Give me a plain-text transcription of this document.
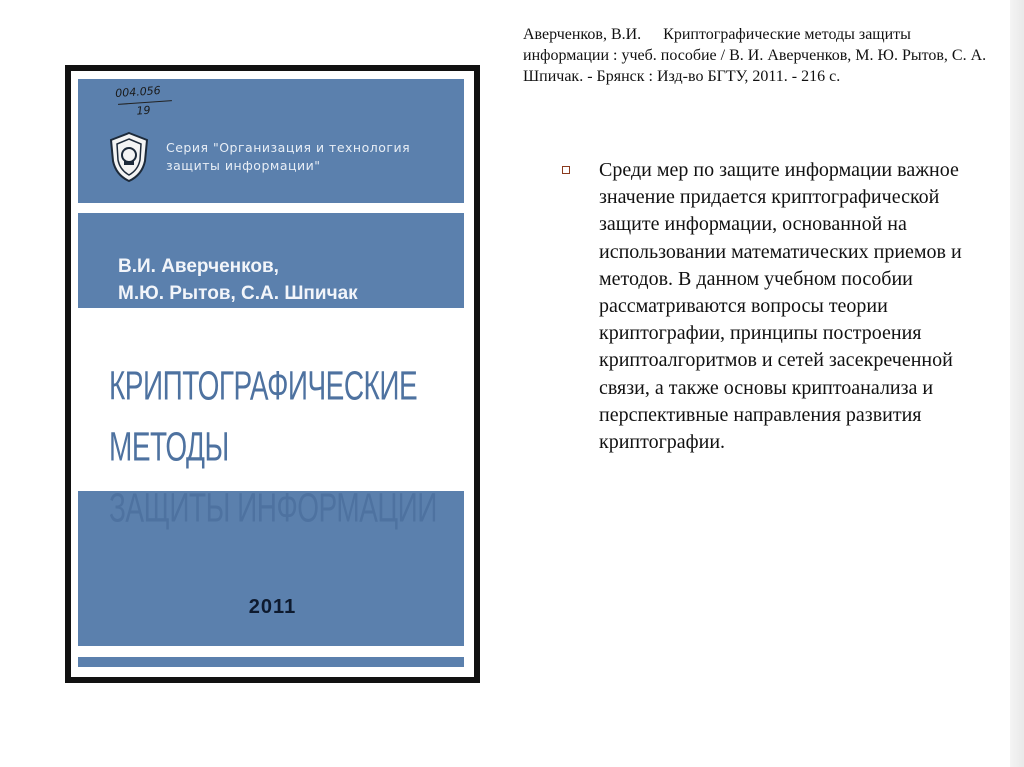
Аверченков, В.И. Криптографические методы защиты информации : учеб. пособие / В. И. Аверченков, М. Ю. Рытов, С. А. Шпичак. - Брянск : Изд-во БГТУ, 2011. - 216 с.
004.056
19
Серия "Организация и технология
защиты информации"
В.И. Аверченков,
М.Ю. Рытов, С.А. Шпичак
КРИПТОГРАФИЧЕСКИЕ МЕТОДЫ
ЗАЩИТЫ ИНФОРМАЦИИ
2011
Среди мер по защите информации важное значение придается криптографической защите информации, основанной на использовании математических приемов и методов. В данном учебном пособии рассматриваются вопросы теории криптографии, принципы построения криптоалгоритмов и сетей засекреченной связи, а также основы криптоанализа и перспективные направления развития криптографии.
